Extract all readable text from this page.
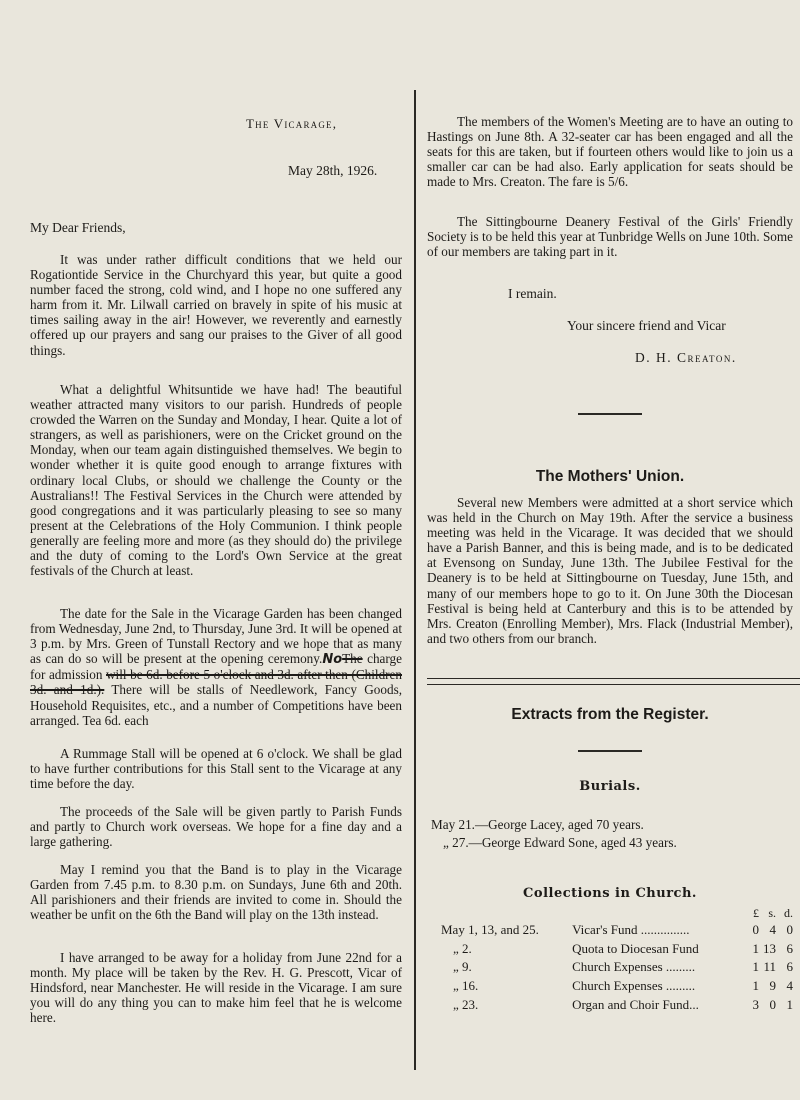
The Vicarage,
May 28th, 1926.
My Dear Friends,

It was under rather difficult conditions that we held our Rogationtide Service in the Churchyard this year, but quite a good number faced the strong, cold wind, and I hope no one suffered any harm from it. Mr. Lilwall carried on bravely in spite of his music at times sailing away in the air! However, we reverently and earnestly offered up our prayers and sang our praises to the Giver of all good things.

What a delightful Whitsuntide we have had! The beautiful weather attracted many visitors to our parish. Hundreds of people crowded the Warren on the Sunday and Monday, I hear. Quite a lot of strangers, as well as parishioners, were on the Cricket ground on the Monday, when our team again distinguished themselves. We begin to wonder whether it is quite good enough to arrange fixtures with ordinary local Clubs, or should we challenge the County or the Australians!! The Festival Services in the Church were attended by good congregations and it was particularly pleasing to see so many present at the Celebrations of the Holy Communion. I think people generally are feeling more and more (as they should do) the privilege and the duty of coming to the Lord's Own Service at the great festivals of the Church at least.

The date for the Sale in the Vicarage Garden has been changed from Wednesday, June 2nd, to Thursday, June 3rd. It will be opened at 3 p.m. by Mrs. Green of Tunstall Rectory and we hope that as many as can do so will be present at the opening ceremony.NoThe charge for admission will be 6d. before 5 o'clock and 3d. after then (Children 3d. and 1d.). There will be stalls of Needlework, Fancy Goods, Household Requisites, etc., and a number of Competitions have been arranged. Tea 6d. each

A Rummage Stall will be opened at 6 o'clock. We shall be glad to have further contributions for this Stall sent to the Vicarage at any time before the day.

The proceeds of the Sale will be given partly to Parish Funds and partly to Church work overseas. We hope for a fine day and a large gathering.

May I remind you that the Band is to play in the Vicarage Garden from 7.45 p.m. to 8.30 p.m. on Sundays, June 6th and 20th. All parishioners and their friends are invited to come in. Should the weather be unfit on the 6th the Band will play on the 13th instead.

I have arranged to be away for a holiday from June 22nd for a month. My place will be taken by the Rev. H. G. Prescott, Vicar of Hindsford, near Manchester. He will reside in the Vicarage. I am sure you will do any thing you can to make him feel that he is welcome here.

The members of the Women's Meeting are to have an outing to Hastings on June 8th. A 32-seater car has been engaged and all the seats for this are taken, but if fourteen others would like to join us a smaller car can be had also. Early application for seats should be made to Mrs. Creaton. The fare is 5/6.

The Sittingbourne Deanery Festival of the Girls' Friendly Society is to be held this year at Tunbridge Wells on June 10th. Some of our members are taking part in it.

I remain.
Your sincere friend and Vicar
D. H. Creaton.
The Mothers' Union.

Several new Members were admitted at a short service which was held in the Church on May 19th. After the service a business meeting was held in the Vicarage. It was decided that we should have a Parish Banner, and this is being made, and is to be dedicated at Evensong on Sunday, June 13th. The Jubilee Festival for the Deanery is to be held at Sittingbourne on Tuesday, June 15th, and many of our members hope to go to it. On June 30th the Diocesan Festival is being held at Canterbury and this is to be attended by Mrs. Creaton (Enrolling Member), Mrs. Flack (Industrial Member), and two others from our branch.

Extracts from the Register.
Burials.
May 21.—George Lacey, aged 70 years.
„ 27.—George Edward Sone, aged 43 years.
Collections in Church.
		£	s.	d.
May 1, 13, and 25.	Vicar's Fund ...............	0	4	0
„ 2.	Quota to Diocesan Fund	1	13	6
„ 9.	Church Expenses .........	1	11	6
„ 16.	Church Expenses .........	1	9	4
„ 23.	Organ and Choir Fund...	3	0	1
